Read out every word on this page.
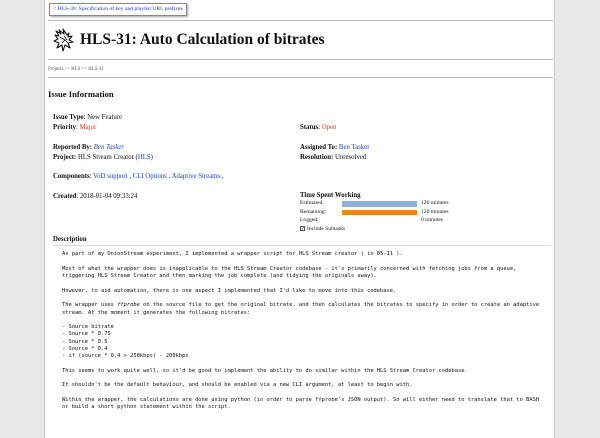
< HLS-30: Specification of key and playlist URL prefixes
HLS-31: Auto Calculation of bitrates
Projects >> HLS >> HLS-31
Issue Information
Issue Type: New Feature
Priority: Major	Status: Open
Reported By: Ben Tasker	Assigned To: Ben Tasker
Project: HLS Stream Creator (HLS)	Resolution: Unresolved
Components: VoD support , CLI Options , Adaptive Streams ,
Created: 2018-01-04 09:33:24	Time Spent Working
Estimated:	120 minutes
Remaining:	120 minutes
Logged:	0 minutes
✓ Include Subtasks
Description

As part of my OnionStream experiment, I implemented a wrapper script for HLS Stream creator ( in 05-11 ).

Most of what the wrapper does is inapplicable to the HLS Stream Creator codebase - it's primarily concerned with fetching jobs from a queue, triggering HLS Stream Creator and then marking the job complete (and tidying the originals away).

However, to aid automation, there is one aspect I implemented that I'd like to move into this codebase.

The wrapper uses ffprobe on the source file to get the original bitrate, and then calculates the bitrates to specify in order to create an adaptive stream. At the moment it generates the following bitrates:

- Source bitrate
- Source * 0.75
- Source * 0.5
- Source * 0.4
- if (source * 0.4 > 250kbps) - 200kbps

This seems to work quite well, so it'd be good to implement the ability to do similar within the HLS Stream Creator codebase.

It shouldn't be the default behaviour, and should be enabled via a new CLI argument, at least to begin with.

Within the wrapper, the calculations are done using python (in order to parse ffprobe's JSON output). So will either need to translate that to BASH or build a short python statement within the script.
